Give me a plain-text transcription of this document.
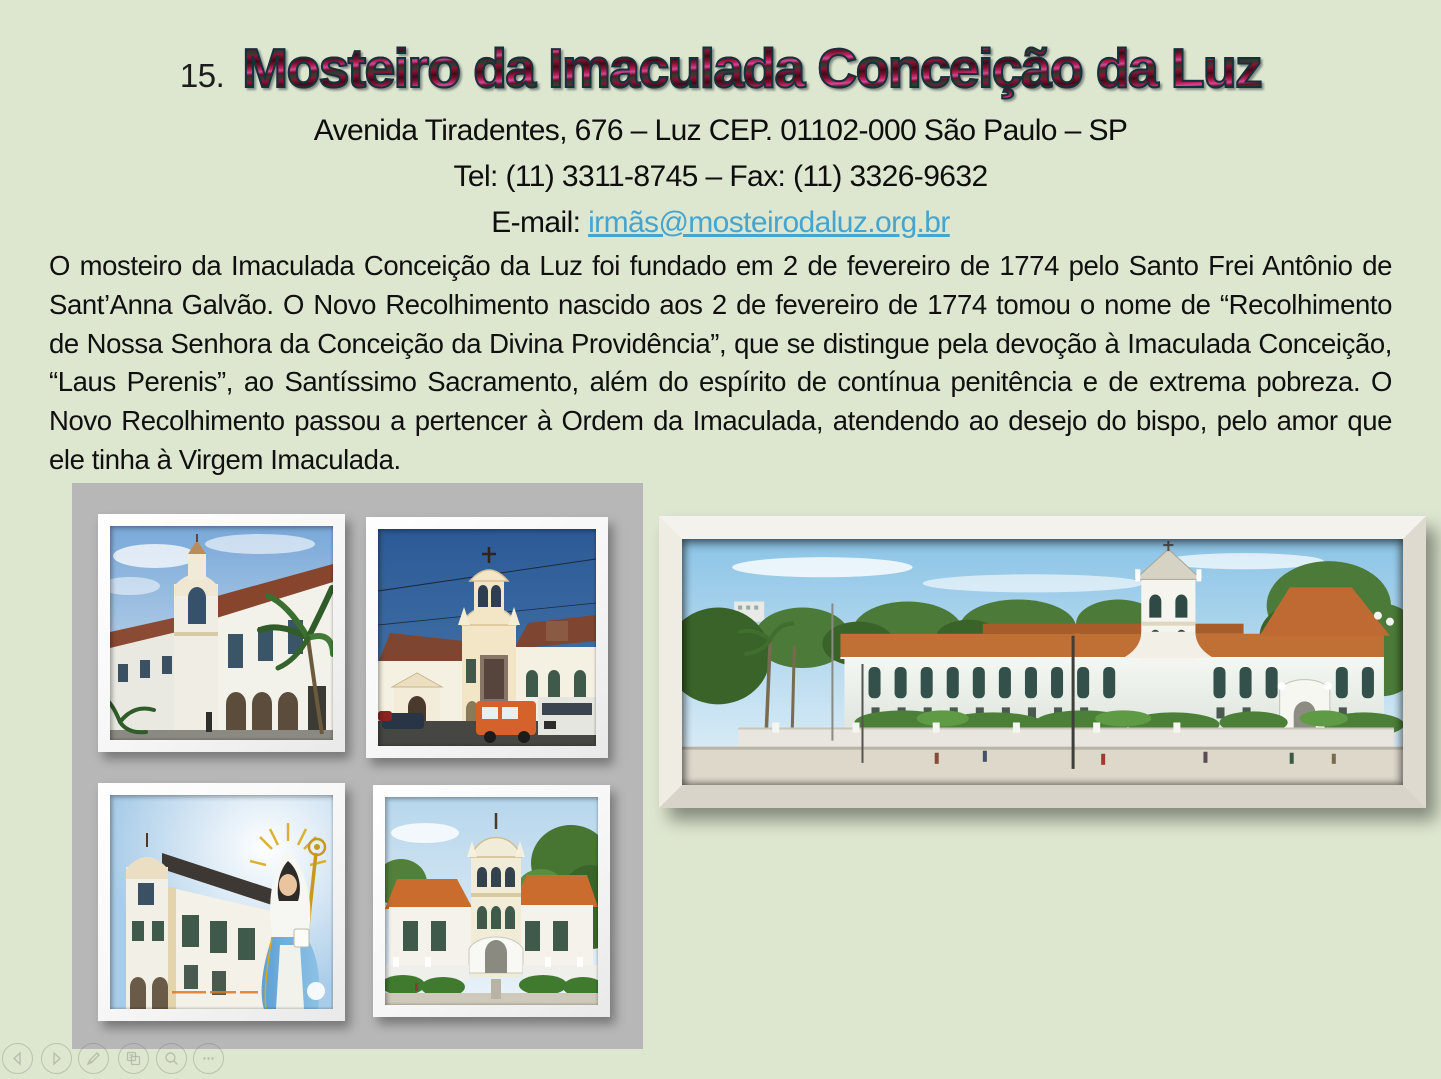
15. Mosteiro da Imaculada Conceição da Luz
Avenida Tiradentes, 676 – Luz CEP. 01102-000 São Paulo – SP
Tel: (11) 3311-8745 – Fax: (11) 3326-9632
E-mail: irmãs@mosteirodaluz.org.br
O mosteiro da Imaculada Conceição da Luz foi fundado em 2 de fevereiro de 1774 pelo Santo Frei Antônio de Sant’Anna Galvão. O Novo Recolhimento nascido aos 2 de fevereiro de 1774 tomou o nome de “Recolhimento de Nossa Senhora da Conceição da Divina Providência”, que se distingue pela devoção à Imaculada Conceição, “Laus Perenis”, ao Santíssimo Sacramento, além do espírito de contínua penitência e de extrema pobreza. O Novo Recolhimento passou a pertencer à Ordem da Imaculada, atendendo ao desejo do bispo, pelo amor que ele tinha à Virgem Imaculada.
